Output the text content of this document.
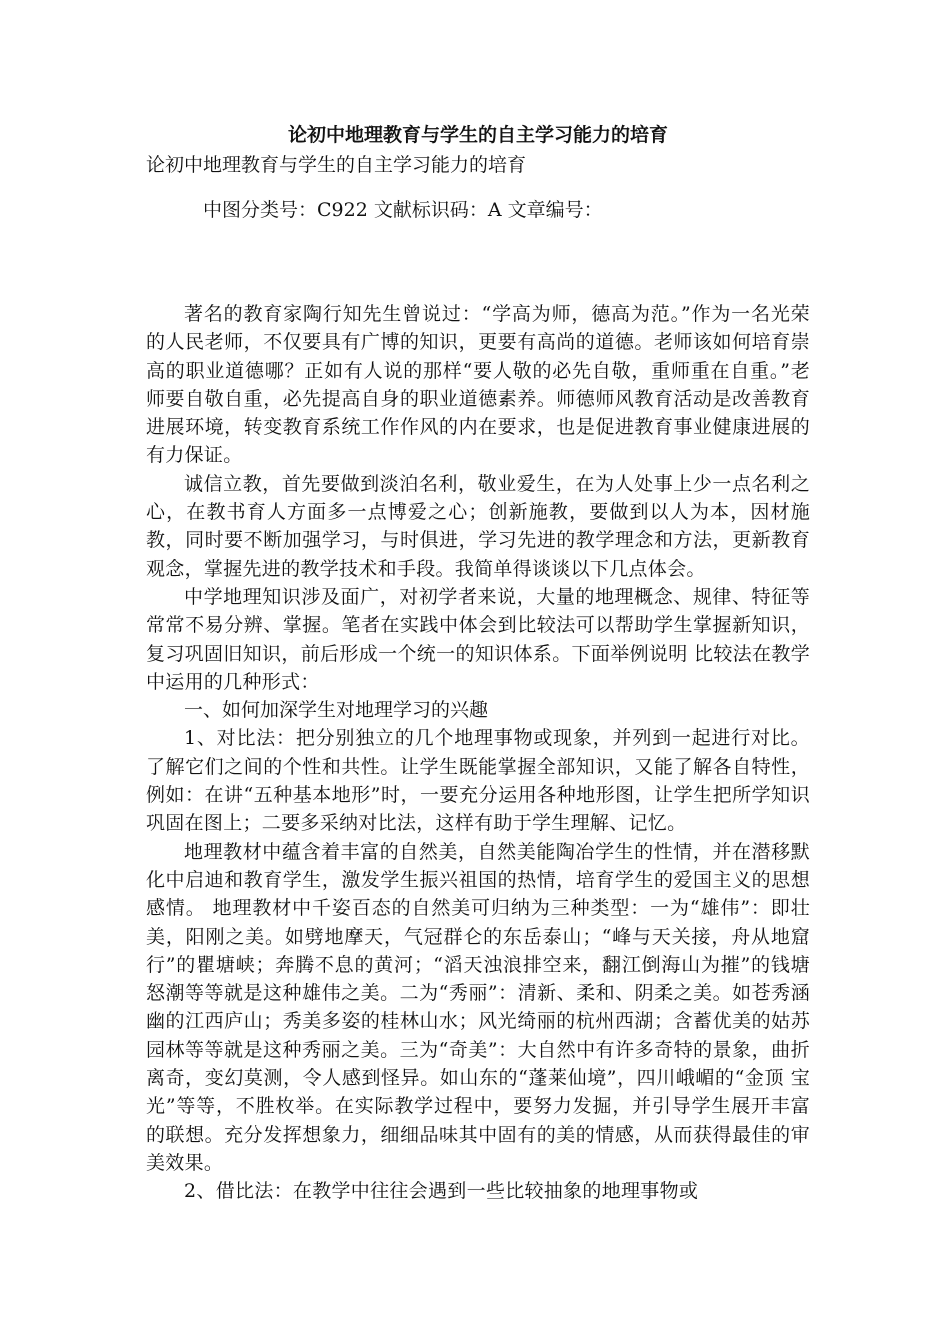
论初中地理教育与学生的自主学习能力的培育

论初中地理教育与学生的自主学习能力的培育

中图分类号：C922 文献标识码：A 文章编号：

著名的教育家陶行知先生曾说过：“学高为师，德高为范。”作为一名光荣的人民老师，不仅要具有广博的知识，更要有高尚的道德。老师该如何培育崇高的职业道德哪？正如有人说的那样“要人敬的必先自敬，重师重在自重。”老师要自敬自重，必先提高自身的职业道德素养。师德师风教育活动是改善教育进展环境，转变教育系统工作作风的内在要求，也是促进教育事业健康进展的有力保证。

诚信立教，首先要做到淡泊名利，敬业爱生，在为人处事上少一点名利之心，在教书育人方面多一点博爱之心；创新施教，要做到以人为本，因材施教，同时要不断加强学习，与时俱进，学习先进的教学理念和方法，更新教育观念，掌握先进的教学技术和手段。我简单得谈谈以下几点体会。

中学地理知识涉及面广，对初学者来说，大量的地理概念、规律、特征等常常不易分辨、掌握。笔者在实践中体会到比较法可以帮助学生掌握新知识，复习巩固旧知识，前后形成一个统一的知识体系。下面举例说明 比较法在教学中运用的几种形式：

一、如何加深学生对地理学习的兴趣

1、对比法：把分别独立的几个地理事物或现象，并列到一起进行对比。了解它们之间的个性和共性。让学生既能掌握全部知识，又能了解各自特性，例如：在讲“五种基本地形”时，一要充分运用各种地形图，让学生把所学知识巩固在图上；二要多采纳对比法，这样有助于学生理解、记忆。

地理教材中蕴含着丰富的自然美，自然美能陶冶学生的性情，并在潜移默化中启迪和教育学生，激发学生振兴祖国的热情，培育学生的爱国主义的思想感情。 地理教材中千姿百态的自然美可归纳为三种类型：一为“雄伟”：即壮美，阳刚之美。如劈地摩天，气冠群仑的东岳泰山；“峰与天关接，舟从地窟行”的瞿塘峡；奔腾不息的黄河；“滔天浊浪排空来，翻江倒海山为摧”的钱塘怒潮等等就是这种雄伟之美。二为“秀丽”：清新、柔和、阴柔之美。如苍秀涵幽的江西庐山；秀美多姿的桂林山水；风光绮丽的杭州西湖；含蓄优美的姑苏园林等等就是这种秀丽之美。三为“奇美”：大自然中有许多奇特的景象，曲折离奇，变幻莫测，令人感到怪异。如山东的“蓬莱仙境”，四川峨嵋的“金顶 宝光”等等，不胜枚举。在实际教学过程中，要努力发掘，并引导学生展开丰富的联想。充分发挥想象力，细细品味其中固有的美的情感，从而获得最佳的审美效果。

2、借比法：在教学中往往会遇到一些比较抽象的地理事物或
